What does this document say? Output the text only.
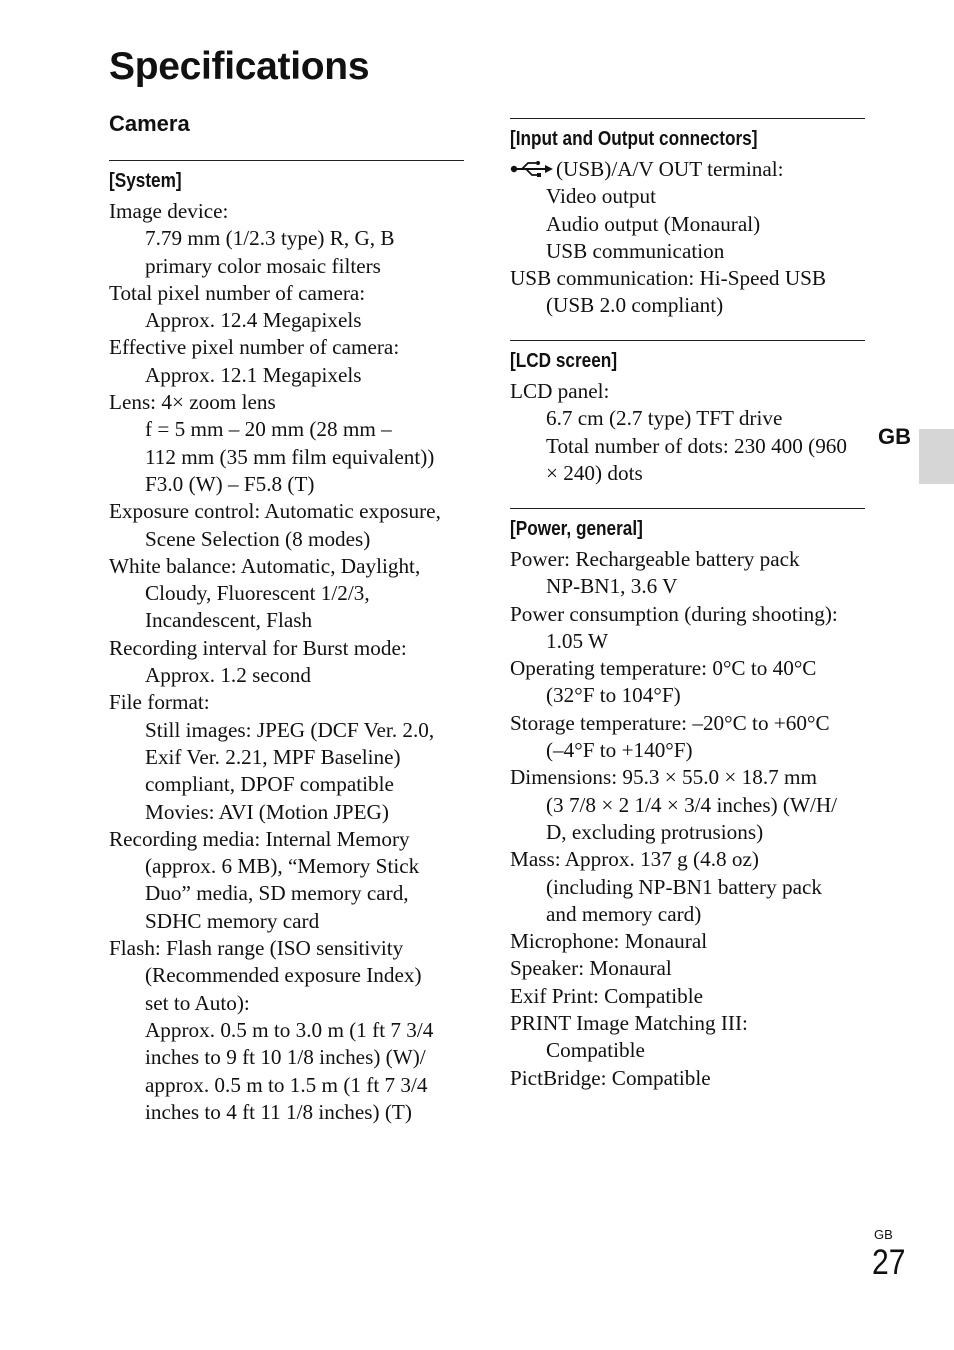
Specifications
Camera
[System]
Image device:
7.79 mm (1/2.3 type) R, G, B
primary color mosaic filters
Total pixel number of camera:
Approx. 12.4 Megapixels
Effective pixel number of camera:
Approx. 12.1 Megapixels
Lens: 4× zoom lens
f = 5 mm – 20 mm (28 mm –
112 mm (35 mm film equivalent))
F3.0 (W) – F5.8 (T)
Exposure control: Automatic exposure,
Scene Selection (8 modes)
White balance: Automatic, Daylight,
Cloudy, Fluorescent 1/2/3,
Incandescent, Flash
Recording interval for Burst mode:
Approx. 1.2 second
File format:
Still images: JPEG (DCF Ver. 2.0,
Exif Ver. 2.21, MPF Baseline)
compliant, DPOF compatible
Movies: AVI (Motion JPEG)
Recording media: Internal Memory
(approx. 6 MB), “Memory Stick
Duo” media, SD memory card,
SDHC memory card
Flash: Flash range (ISO sensitivity
(Recommended exposure Index)
set to Auto):
Approx. 0.5 m to 3.0 m (1 ft 7 3/4
inches to 9 ft 10 1/8 inches) (W)/
approx. 0.5 m to 1.5 m (1 ft 7 3/4
inches to 4 ft 11 1/8 inches) (T)
[Input and Output connectors]
(USB)/A/V OUT terminal:
Video output
Audio output (Monaural)
USB communication
USB communication: Hi-Speed USB
(USB 2.0 compliant)
[LCD screen]
LCD panel:
6.7 cm (2.7 type) TFT drive
Total number of dots: 230 400 (960
× 240) dots
[Power, general]
Power: Rechargeable battery pack
NP-BN1, 3.6 V
Power consumption (during shooting):
1.05 W
Operating temperature: 0°C to 40°C
(32°F to 104°F)
Storage temperature: –20°C to +60°C
(–4°F to +140°F)
Dimensions: 95.3 × 55.0 × 18.7 mm
(3 7/8 × 2 1/4 × 3/4 inches) (W/H/
D, excluding protrusions)
Mass: Approx. 137 g (4.8 oz)
(including NP-BN1 battery pack
and memory card)
Microphone: Monaural
Speaker: Monaural
Exif Print: Compatible
PRINT Image Matching III:
Compatible
PictBridge: Compatible
GB
GB
27
